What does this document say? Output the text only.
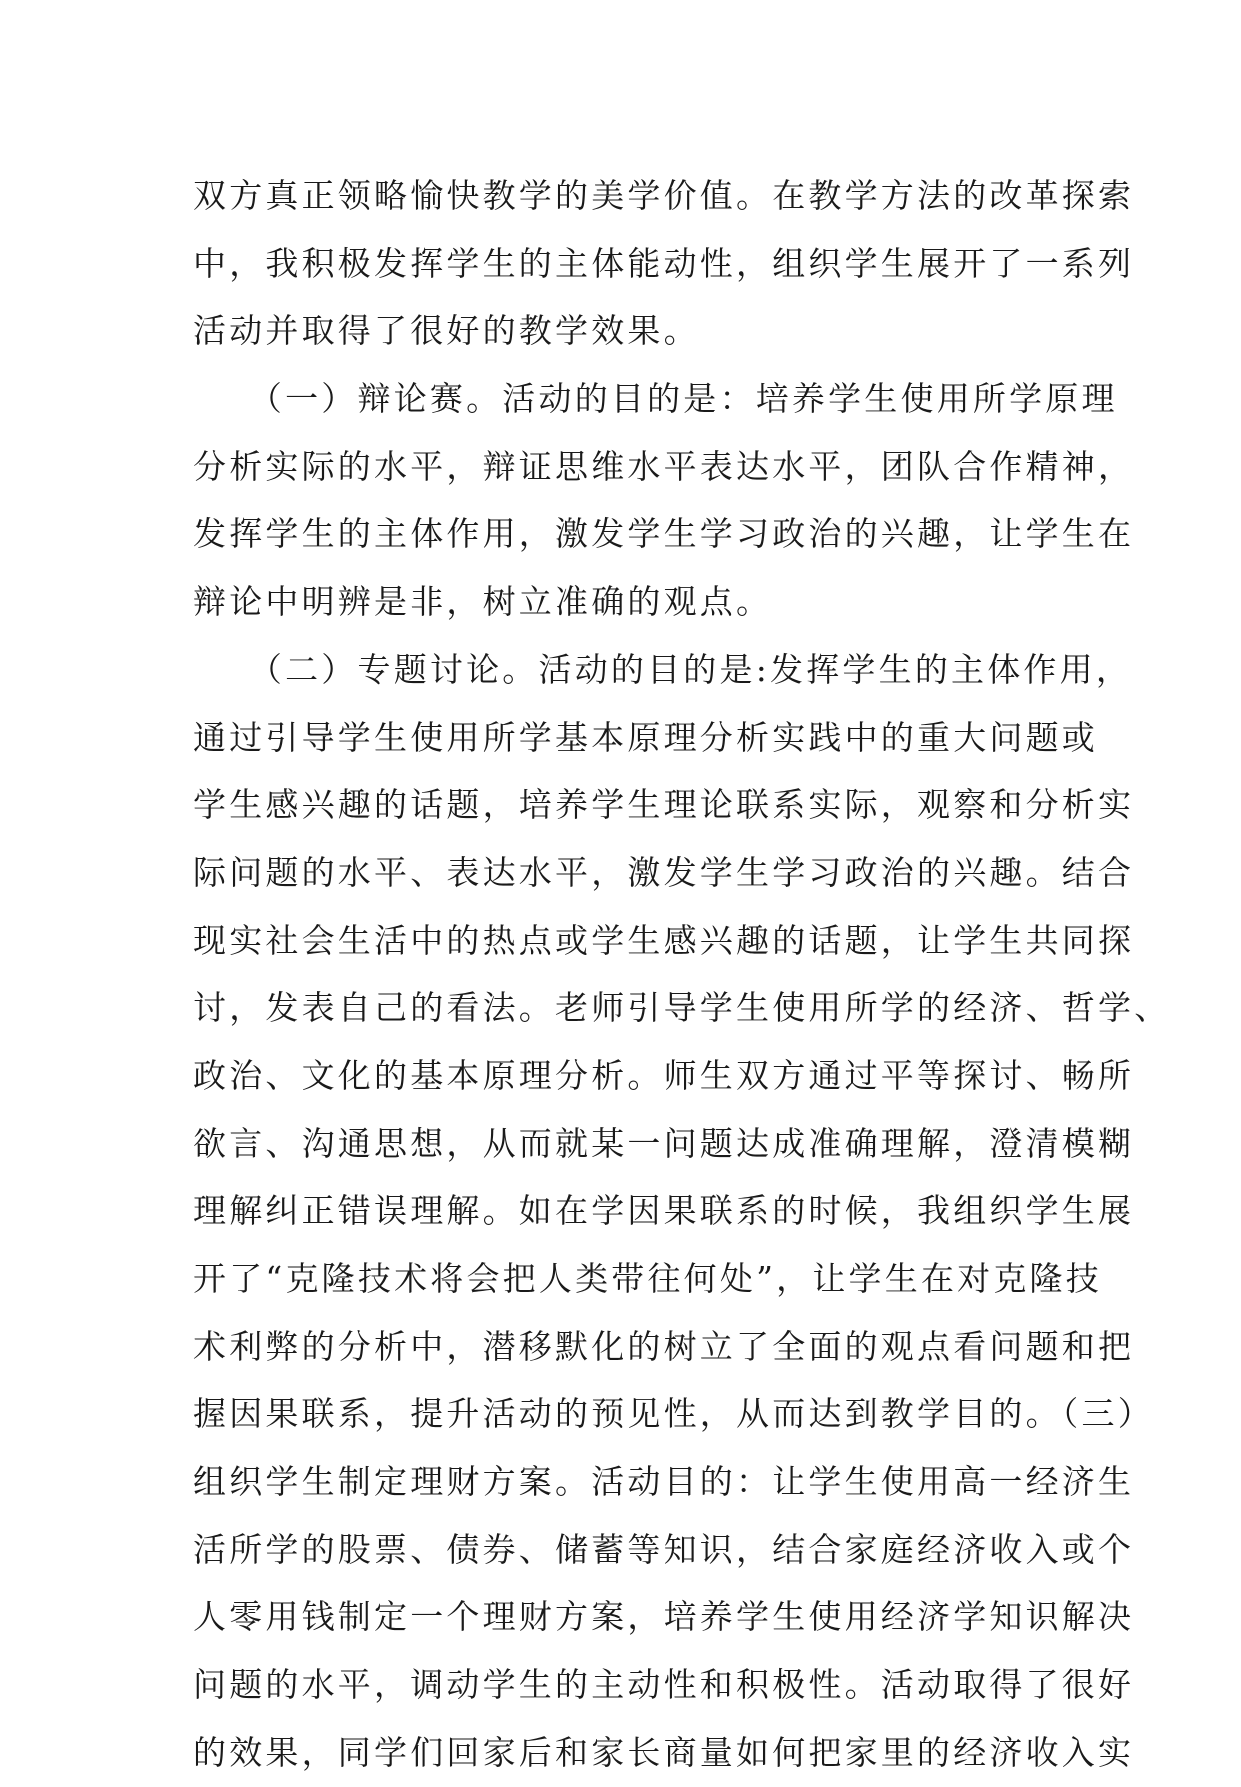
双方真正领略愉快教学的美学价值。在教学方法的改革探索
中，我积极发挥学生的主体能动性，组织学生展开了一系列
活动并取得了很好的教学效果。
　　（一）辩论赛。活动的目的是：培养学生使用所学原理
分析实际的水平，辩证思维水平表达水平，团队合作精神，
发挥学生的主体作用，激发学生学习政治的兴趣，让学生在
辩论中明辨是非，树立准确的观点。
　　（二）专题讨论。活动的目的是:发挥学生的主体作用，
通过引导学生使用所学基本原理分析实践中的重大问题或
学生感兴趣的话题，培养学生理论联系实际，观察和分析实
际问题的水平、表达水平，激发学生学习政治的兴趣。结合
现实社会生活中的热点或学生感兴趣的话题，让学生共同探
讨，发表自己的看法。老师引导学生使用所学的经济、哲学、
政治、文化的基本原理分析。师生双方通过平等探讨、畅所
欲言、沟通思想，从而就某一问题达成准确理解，澄清模糊
理解纠正错误理解。如在学因果联系的时候，我组织学生展
开了“克隆技术将会把人类带往何处”，让学生在对克隆技
术利弊的分析中，潜移默化的树立了全面的观点看问题和把
握因果联系，提升活动的预见性，从而达到教学目的。（三）
组织学生制定理财方案。活动目的：让学生使用高一经济生
活所学的股票、债券、储蓄等知识，结合家庭经济收入或个
人零用钱制定一个理财方案，培养学生使用经济学知识解决
问题的水平，调动学生的主动性和积极性。活动取得了很好
的效果，同学们回家后和家长商量如何把家里的经济收入实
